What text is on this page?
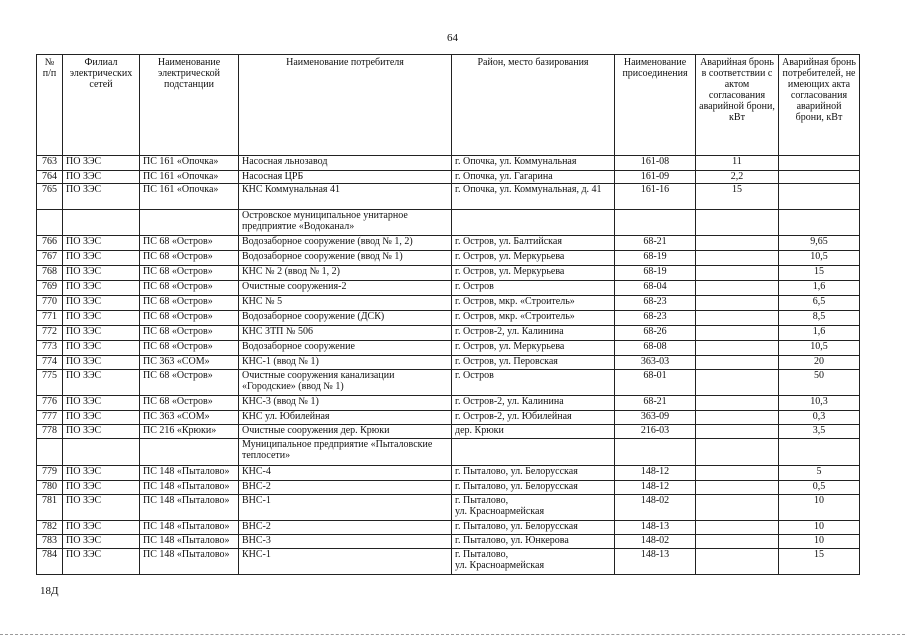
64
№ п/п	Филиал электрических сетей	Наименование электрической подстанции	Наименование потребителя	Район, место базирования	Наименование присоединения	Аварийная бронь в соответствии с актом согласования аварийной брони, кВт	Аварийная бронь потребителей, не имеющих акта согласования аварийной брони, кВт
763	ПО ЗЭС	ПС 161 «Опочка»	Насосная льнозавод	г. Опочка, ул. Коммунальная	161-08	11	
764	ПО ЗЭС	ПС 161 «Опочка»	Насосная ЦРБ	г. Опочка, ул. Гагарина	161-09	2,2	
765	ПО ЗЭС	ПС 161 «Опочка»	КНС Коммунальная 41	г. Опочка, ул. Коммунальная, д. 41	161-16	15	
			Островское муниципальное унитарное предприятие «Водоканал»				
766	ПО ЗЭС	ПС 68 «Остров»	Водозаборное сооружение (ввод № 1, 2)	г. Остров, ул. Балтийская	68-21		9,65
767	ПО ЗЭС	ПС 68 «Остров»	Водозаборное сооружение (ввод № 1)	г. Остров, ул. Меркурьева	68-19		10,5
768	ПО ЗЭС	ПС 68 «Остров»	КНС № 2 (ввод № 1, 2)	г. Остров, ул. Меркурьева	68-19		15
769	ПО ЗЭС	ПС 68 «Остров»	Очистные сооружения-2	г. Остров	68-04		1,6
770	ПО ЗЭС	ПС 68 «Остров»	КНС № 5	г. Остров, мкр. «Строитель»	68-23		6,5
771	ПО ЗЭС	ПС 68 «Остров»	Водозаборное сооружение (ДСК)	г. Остров, мкр. «Строитель»	68-23		8,5
772	ПО ЗЭС	ПС 68 «Остров»	КНС ЗТП № 506	г. Остров-2, ул. Калинина	68-26		1,6
773	ПО ЗЭС	ПС 68 «Остров»	Водозаборное сооружение	г. Остров, ул. Меркурьева	68-08		10,5
774	ПО ЗЭС	ПС 363 «СОМ»	КНС-1 (ввод № 1)	г. Остров, ул. Перовская	363-03		20
775	ПО ЗЭС	ПС 68 «Остров»	Очистные сооружения канализации «Городские» (ввод № 1)	г. Остров	68-01		50
776	ПО ЗЭС	ПС 68 «Остров»	КНС-3 (ввод № 1)	г. Остров-2, ул. Калинина	68-21		10,3
777	ПО ЗЭС	ПС 363 «СОМ»	КНС ул. Юбилейная	г. Остров-2, ул. Юбилейная	363-09		0,3
778	ПО ЗЭС	ПС 216 «Крюки»	Очистные сооружения дер. Крюки	дер. Крюки	216-03		3,5
			Муниципальное предприятие «Пыталовские теплосети»				
779	ПО ЗЭС	ПС 148 «Пыталово»	КНС-4	г. Пыталово, ул. Белорусская	148-12		5
780	ПО ЗЭС	ПС 148 «Пыталово»	ВНС-2	г. Пыталово, ул. Белорусская	148-12		0,5
781	ПО ЗЭС	ПС 148 «Пыталово»	ВНС-1	г. Пыталово,
ул. Красноармейская	148-02		10
782	ПО ЗЭС	ПС 148 «Пыталово»	ВНС-2	г. Пыталово, ул. Белорусская	148-13		10
783	ПО ЗЭС	ПС 148 «Пыталово»	ВНС-3	г. Пыталово, ул. Юнкерова	148-02		10
784	ПО ЗЭС	ПС 148 «Пыталово»	КНС-1	г. Пыталово,
ул. Красноармейская	148-13		15
18Д
